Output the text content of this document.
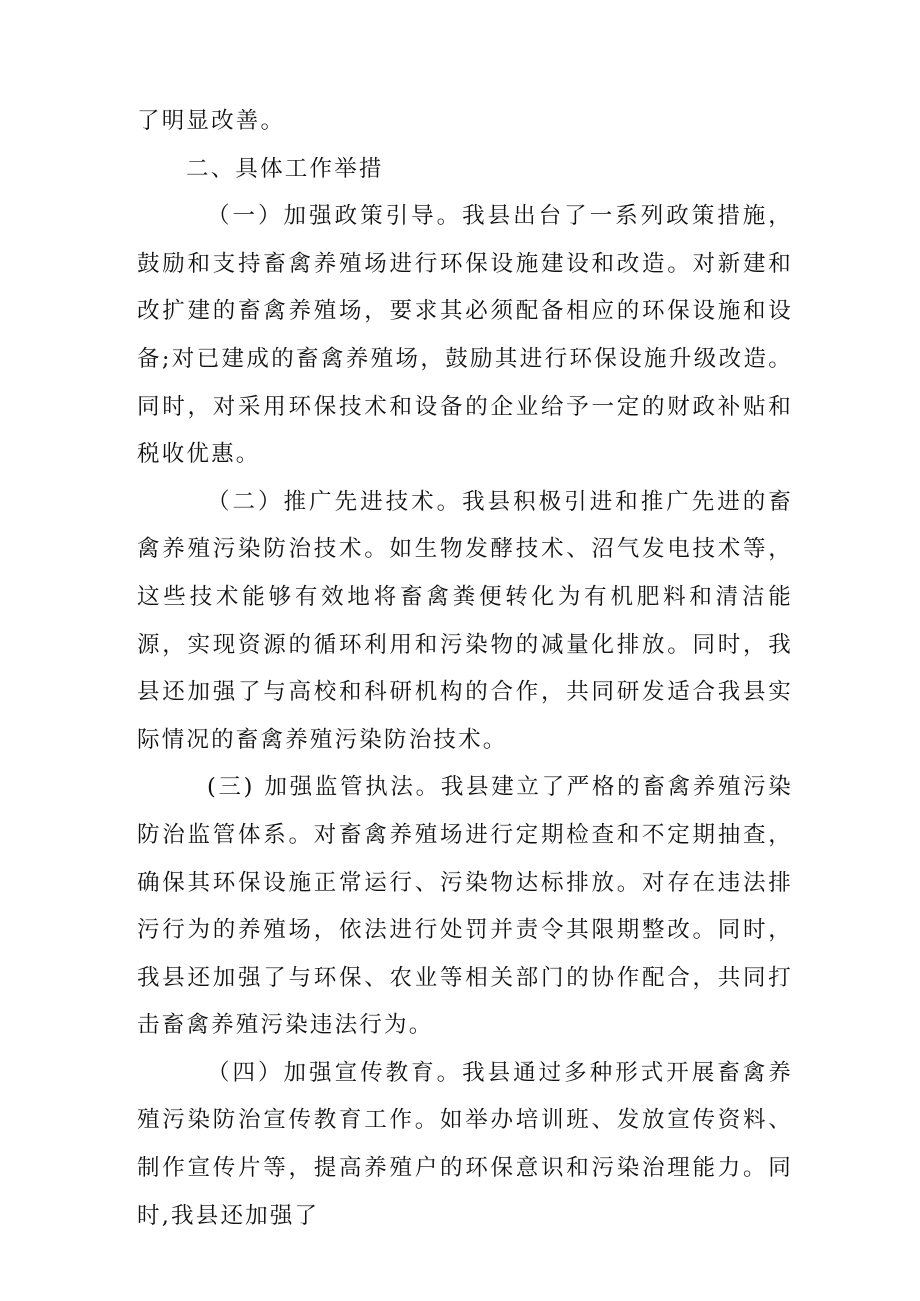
了明显改善。

二、具体工作举措

（一）加强政策引导。我县出台了一系列政策措施，鼓励和支持畜禽养殖场进行环保设施建设和改造。对新建和改扩建的畜禽养殖场，要求其必须配备相应的环保设施和设备;对已建成的畜禽养殖场，鼓励其进行环保设施升级改造。同时，对采用环保技术和设备的企业给予一定的财政补贴和税收优惠。

（二）推广先进技术。我县积极引进和推广先进的畜禽养殖污染防治技术。如生物发酵技术、沼气发电技术等，这些技术能够有效地将畜禽粪便转化为有机肥料和清洁能源，实现资源的循环利用和污染物的减量化排放。同时，我县还加强了与高校和科研机构的合作，共同研发适合我县实际情况的畜禽养殖污染防治技术。

(三) 加强监管执法。我县建立了严格的畜禽养殖污染防治监管体系。对畜禽养殖场进行定期检查和不定期抽查，确保其环保设施正常运行、污染物达标排放。对存在违法排污行为的养殖场，依法进行处罚并责令其限期整改。同时，我县还加强了与环保、农业等相关部门的协作配合，共同打击畜禽养殖污染违法行为。

（四）加强宣传教育。我县通过多种形式开展畜禽养殖污染防治宣传教育工作。如举办培训班、发放宣传资料、制作宣传片等，提高养殖户的环保意识和污染治理能力。同时,我县还加强了
